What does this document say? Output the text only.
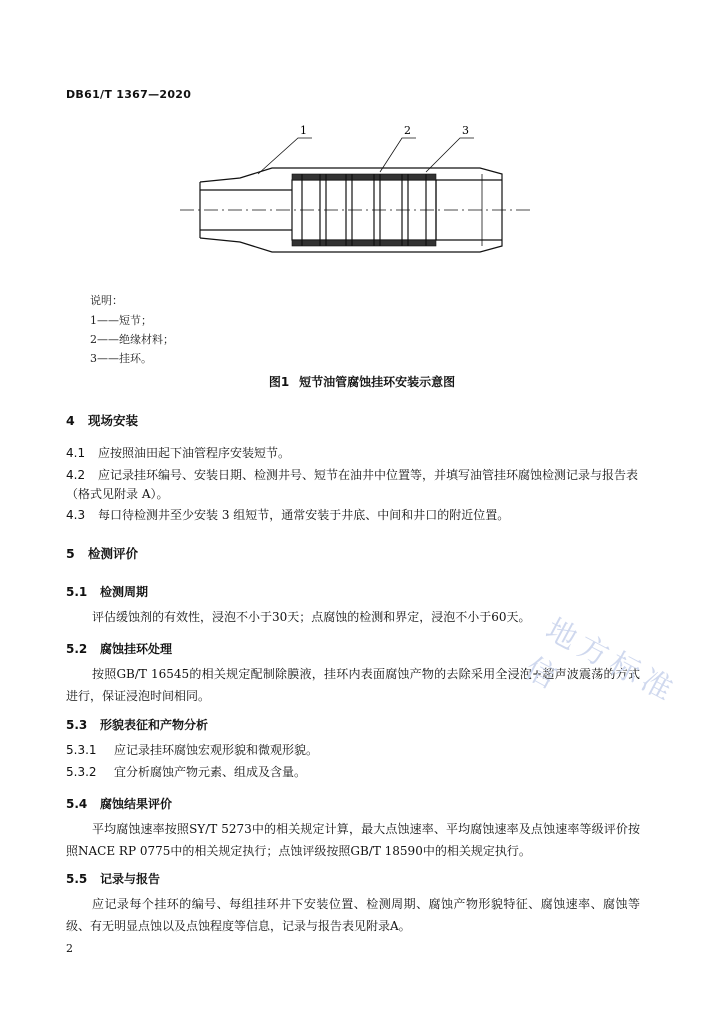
DB61/T 1367—2020
1	2	3
说明：
1——短节；
2——绝缘材料；
3——挂环。
图1 短节油管腐蚀挂环安装示意图
4 现场安装
4.1 应按照油田起下油管程序安装短节。
4.2 应记录挂环编号、安装日期、检测井号、短节在油井中位置等，并填写油管挂环腐蚀检测记录与报告表（格式见附录 A）。
4.3 每口待检测井至少安装 3 组短节，通常安装于井底、中间和井口的附近位置。
5 检测评价
5.1 检测周期
评估缓蚀剂的有效性，浸泡不小于30天；点腐蚀的检测和界定，浸泡不小于60天。
5.2 腐蚀挂环处理
按照GB/T 16545的相关规定配制除膜液，挂环内表面腐蚀产物的去除采用全浸泡+超声波震荡的方式进行，保证浸泡时间相同。
5.3 形貌表征和产物分析
5.3.1 应记录挂环腐蚀宏观形貌和微观形貌。
5.3.2 宜分析腐蚀产物元素、组成及含量。
5.4 腐蚀结果评价
平均腐蚀速率按照SY/T 5273中的相关规定计算，最大点蚀速率、平均腐蚀速率及点蚀速率等级评价按照NACE RP 0775中的相关规定执行；点蚀评级按照GB/T 18590中的相关规定执行。
5.5 记录与报告
应记录每个挂环的编号、每组挂环井下安装位置、检测周期、腐蚀产物形貌特征、腐蚀速率、腐蚀等级、有无明显点蚀以及点蚀程度等信息，记录与报告表见附录A。
地方标准信
2
